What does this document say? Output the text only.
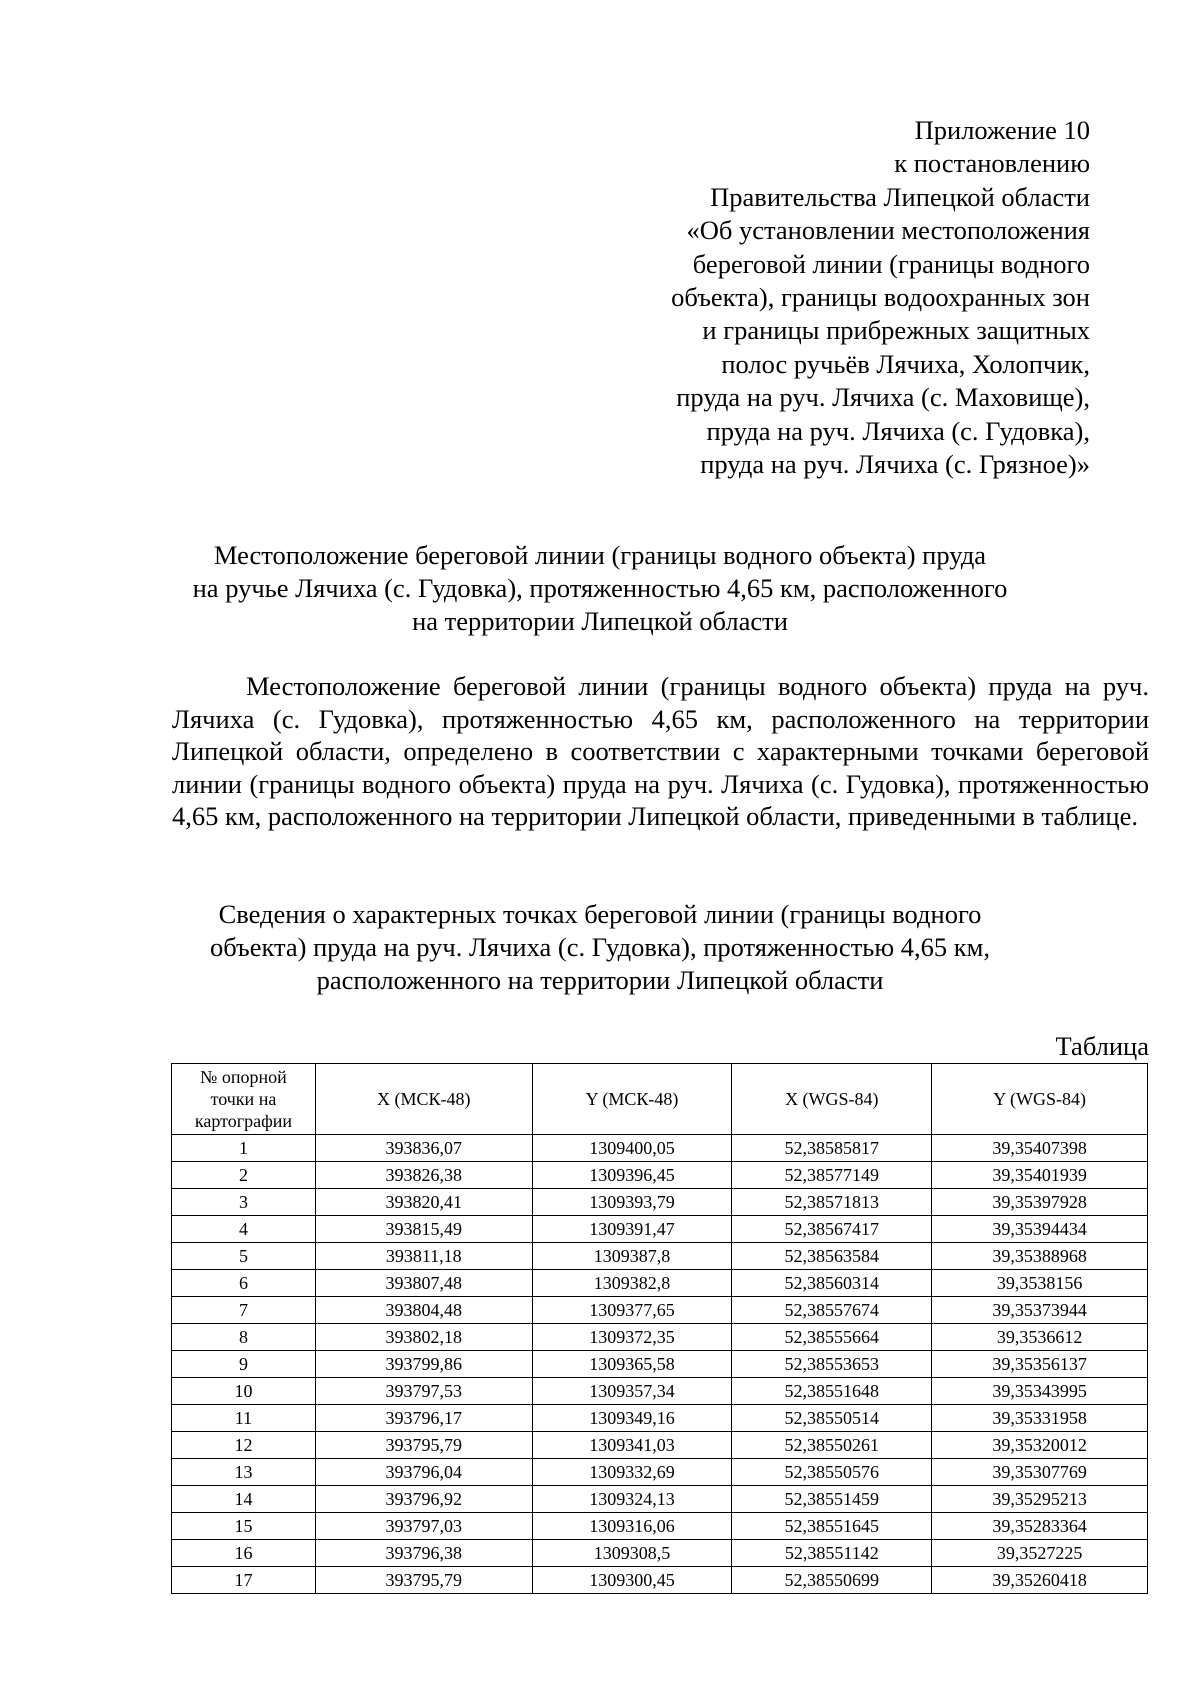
Приложение 10
к постановлению
Правительства Липецкой области
«Об установлении местоположения
береговой линии (границы водного
объекта), границы водоохранных зон
и границы прибрежных защитных
полос ручьёв Лячиха, Холопчик,
пруда на руч. Лячиха (с. Маховище),
пруда на руч. Лячиха (с. Гудовка),
пруда на руч. Лячиха (с. Грязное)»
Местоположение береговой линии (границы водного объекта) пруда
на ручье Лячиха (с. Гудовка), протяженностью 4,65 км, расположенного
на территории Липецкой области

Местоположение береговой линии (границы водного объекта) пруда на руч. Лячиха (с. Гудовка), протяженностью 4,65 км, расположенного на территории Липецкой области, определено в соответствии с характерными точками береговой линии (границы водного объекта) пруда на руч. Лячиха (с. Гудовка), протяженностью 4,65 км, расположенного на территории Липецкой области, приведенными в таблице.

Сведения о характерных точках береговой линии (границы водного
объекта) пруда на руч. Лячиха (с. Гудовка), протяженностью 4,65 км,
расположенного на территории Липецкой области
Таблица
№ опорной
точки на
картографии	X (МСК-48)	Y (МСК-48)	X (WGS-84)	Y (WGS-84)
1	393836,07	1309400,05	52,38585817	39,35407398
2	393826,38	1309396,45	52,38577149	39,35401939
3	393820,41	1309393,79	52,38571813	39,35397928
4	393815,49	1309391,47	52,38567417	39,35394434
5	393811,18	1309387,8	52,38563584	39,35388968
6	393807,48	1309382,8	52,38560314	39,3538156
7	393804,48	1309377,65	52,38557674	39,35373944
8	393802,18	1309372,35	52,38555664	39,3536612
9	393799,86	1309365,58	52,38553653	39,35356137
10	393797,53	1309357,34	52,38551648	39,35343995
11	393796,17	1309349,16	52,38550514	39,35331958
12	393795,79	1309341,03	52,38550261	39,35320012
13	393796,04	1309332,69	52,38550576	39,35307769
14	393796,92	1309324,13	52,38551459	39,35295213
15	393797,03	1309316,06	52,38551645	39,35283364
16	393796,38	1309308,5	52,38551142	39,3527225
17	393795,79	1309300,45	52,38550699	39,35260418
